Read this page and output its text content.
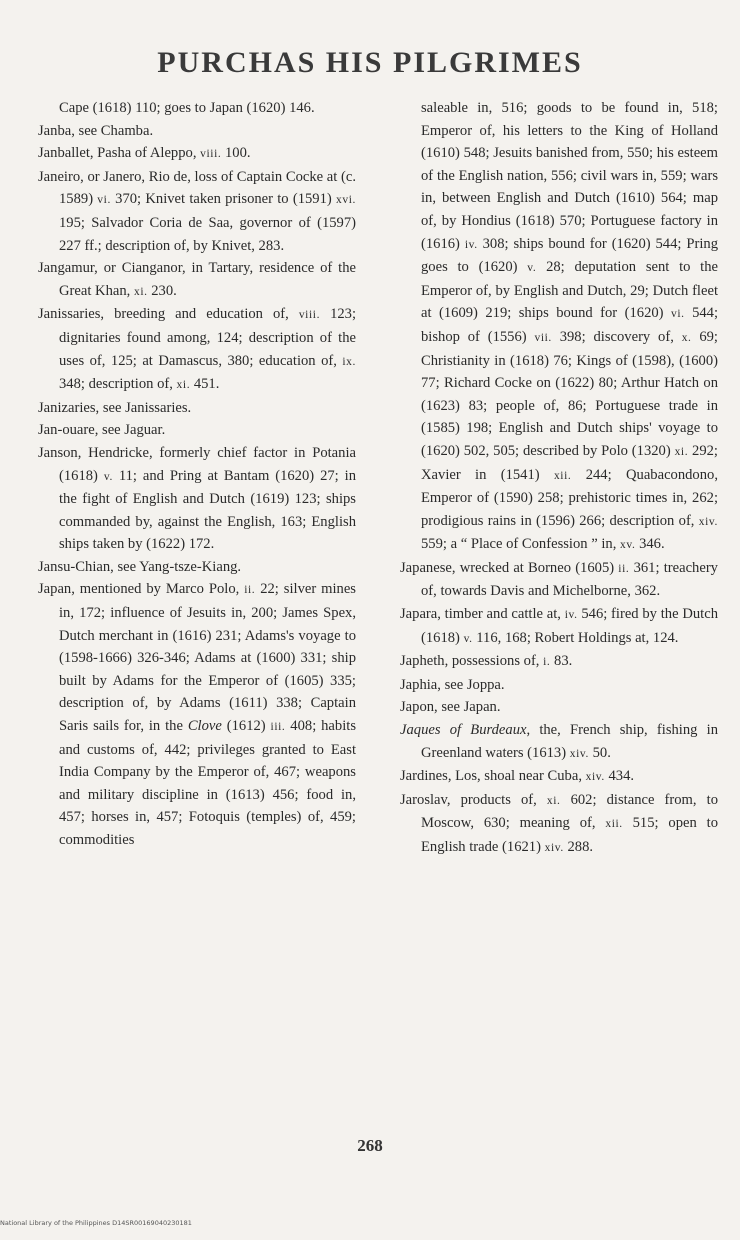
PURCHAS HIS PILGRIMES

Cape (1618) 110; goes to Japan (1620) 146.

Janba, see Chamba.

Janballet, Pasha of Aleppo, viii. 100.

Janeiro, or Janero, Rio de, loss of Captain Cocke at (c. 1589) vi. 370; Knivet taken prisoner to (1591) xvi. 195; Salvador Coria de Saa, governor of (1597) 227 ff.; description of, by Knivet, 283.

Jangamur, or Cianganor, in Tartary, residence of the Great Khan, xi. 230.

Janissaries, breeding and education of, viii. 123; dignitaries found among, 124; description of the uses of, 125; at Damascus, 380; education of, ix. 348; description of, xi. 451.

Janizaries, see Janissaries.

Jan-ouare, see Jaguar.

Janson, Hendricke, formerly chief factor in Potania (1618) v. 11; and Pring at Bantam (1620) 27; in the fight of English and Dutch (1619) 123; ships commanded by, against the English, 163; English ships taken by (1622) 172.

Jansu-Chian, see Yang-tsze-Kiang.

Japan, mentioned by Marco Polo, ii. 22; silver mines in, 172; influence of Jesuits in, 200; James Spex, Dutch merchant in (1616) 231; Adams's voyage to (1598-1666) 326-346; Adams at (1600) 331; ship built by Adams for the Emperor of (1605) 335; description of, by Adams (1611) 338; Captain Saris sails for, in the Clove (1612) iii. 408; habits and customs of, 442; privileges granted to East India Company by the Emperor of, 467; weapons and military discipline in (1613) 456; food in, 457; horses in, 457; Fotoquis (temples) of, 459; commodities

saleable in, 516; goods to be found in, 518; Emperor of, his letters to the King of Holland (1610) 548; Jesuits banished from, 550; his esteem of the English nation, 556; civil wars in, 559; wars in, between English and Dutch (1610) 564; map of, by Hondius (1618) 570; Portuguese factory in (1616) iv. 308; ships bound for (1620) 544; Pring goes to (1620) v. 28; deputation sent to the Emperor of, by English and Dutch, 29; Dutch fleet at (1609) 219; ships bound for (1620) vi. 544; bishop of (1556) vii. 398; discovery of, x. 69; Christianity in (1618) 76; Kings of (1598), (1600) 77; Richard Cocke on (1622) 80; Arthur Hatch on (1623) 83; people of, 86; Portuguese trade in (1585) 198; English and Dutch ships' voyage to (1620) 502, 505; described by Polo (1320) xi. 292; Xavier in (1541) xii. 244; Quabacondono, Emperor of (1590) 258; prehistoric times in, 262; prodigious rains in (1596) 266; description of, xiv. 559; a “ Place of Confession ” in, xv. 346.

Japanese, wrecked at Borneo (1605) ii. 361; treachery of, towards Davis and Michelborne, 362.

Japara, timber and cattle at, iv. 546; fired by the Dutch (1618) v. 116, 168; Robert Holdings at, 124.

Japheth, possessions of, i. 83.

Japhia, see Joppa.

Japon, see Japan.

Jaques of Burdeaux, the, French ship, fishing in Greenland waters (1613) xiv. 50.

Jardines, Los, shoal near Cuba, xiv. 434.

Jaroslav, products of, xi. 602; distance from, to Moscow, 630; meaning of, xii. 515; open to English trade (1621) xiv. 288.

268
National Library of the Philippines D14SR00169040230181
